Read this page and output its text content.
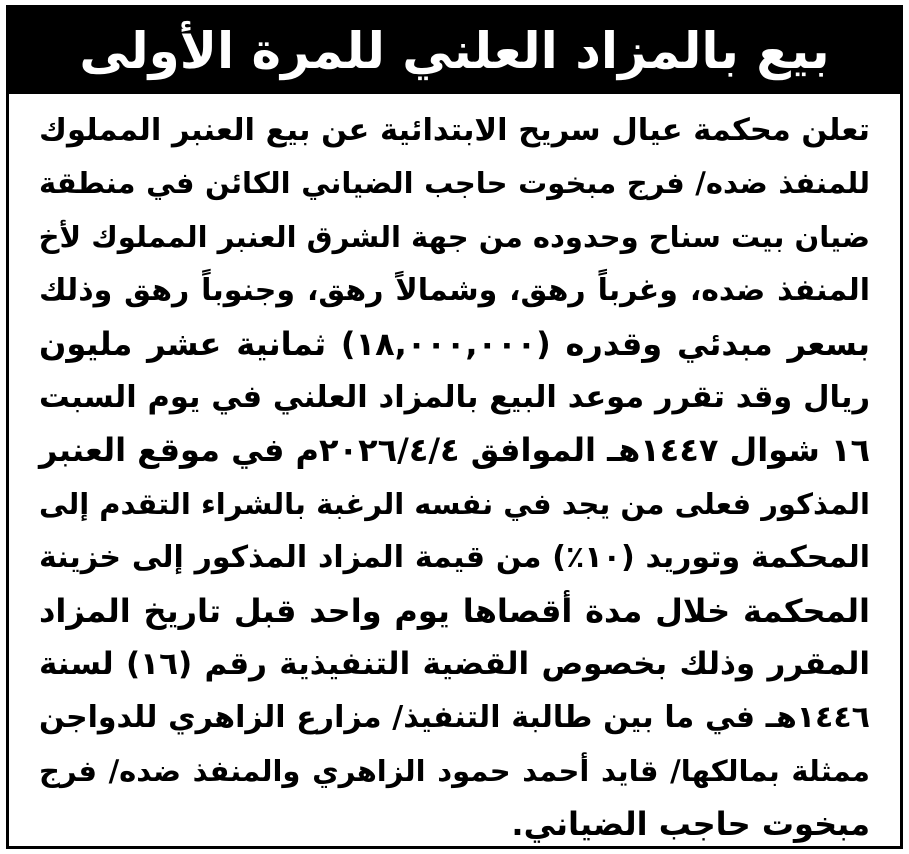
بيع بالمزاد العلني للمرة الأولى
تعلن محكمة عيال سريح الابتدائية عن بيع العنبر المملوك
للمنفذ ضده/ فرج مبخوت حاجب الضياني الكائن في منطقة
ضيان بيت سناح وحدوده من جهة الشرق العنبر المملوك لأخ
المنفذ ضده، وغرباً رهق، وشمالاً رهق، وجنوباً رهق وذلك
بسعر مبدئي وقدره (١٨,٠٠٠,٠٠٠) ثمانية عشر مليون
ريال وقد تقرر موعد البيع بالمزاد العلني في يوم السبت
١٦ شوال ١٤٤٧هـ الموافق ٢٠٢٦/٤/٤م في موقع العنبر
المذكور فعلى من يجد في نفسه الرغبة بالشراء التقدم إلى
المحكمة وتوريد (١٠٪) من قيمة المزاد المذكور إلى خزينة
المحكمة خلال مدة أقصاها يوم واحد قبل تاريخ المزاد
المقرر وذلك بخصوص القضية التنفيذية رقم (١٦) لسنة
١٤٤٦هـ في ما بين طالبة التنفيذ/ مزارع الزاهري للدواجن
ممثلة بمالكها/ قايد أحمد حمود الزاهري والمنفذ ضده/ فرج
مبخوت حاجب الضياني.
